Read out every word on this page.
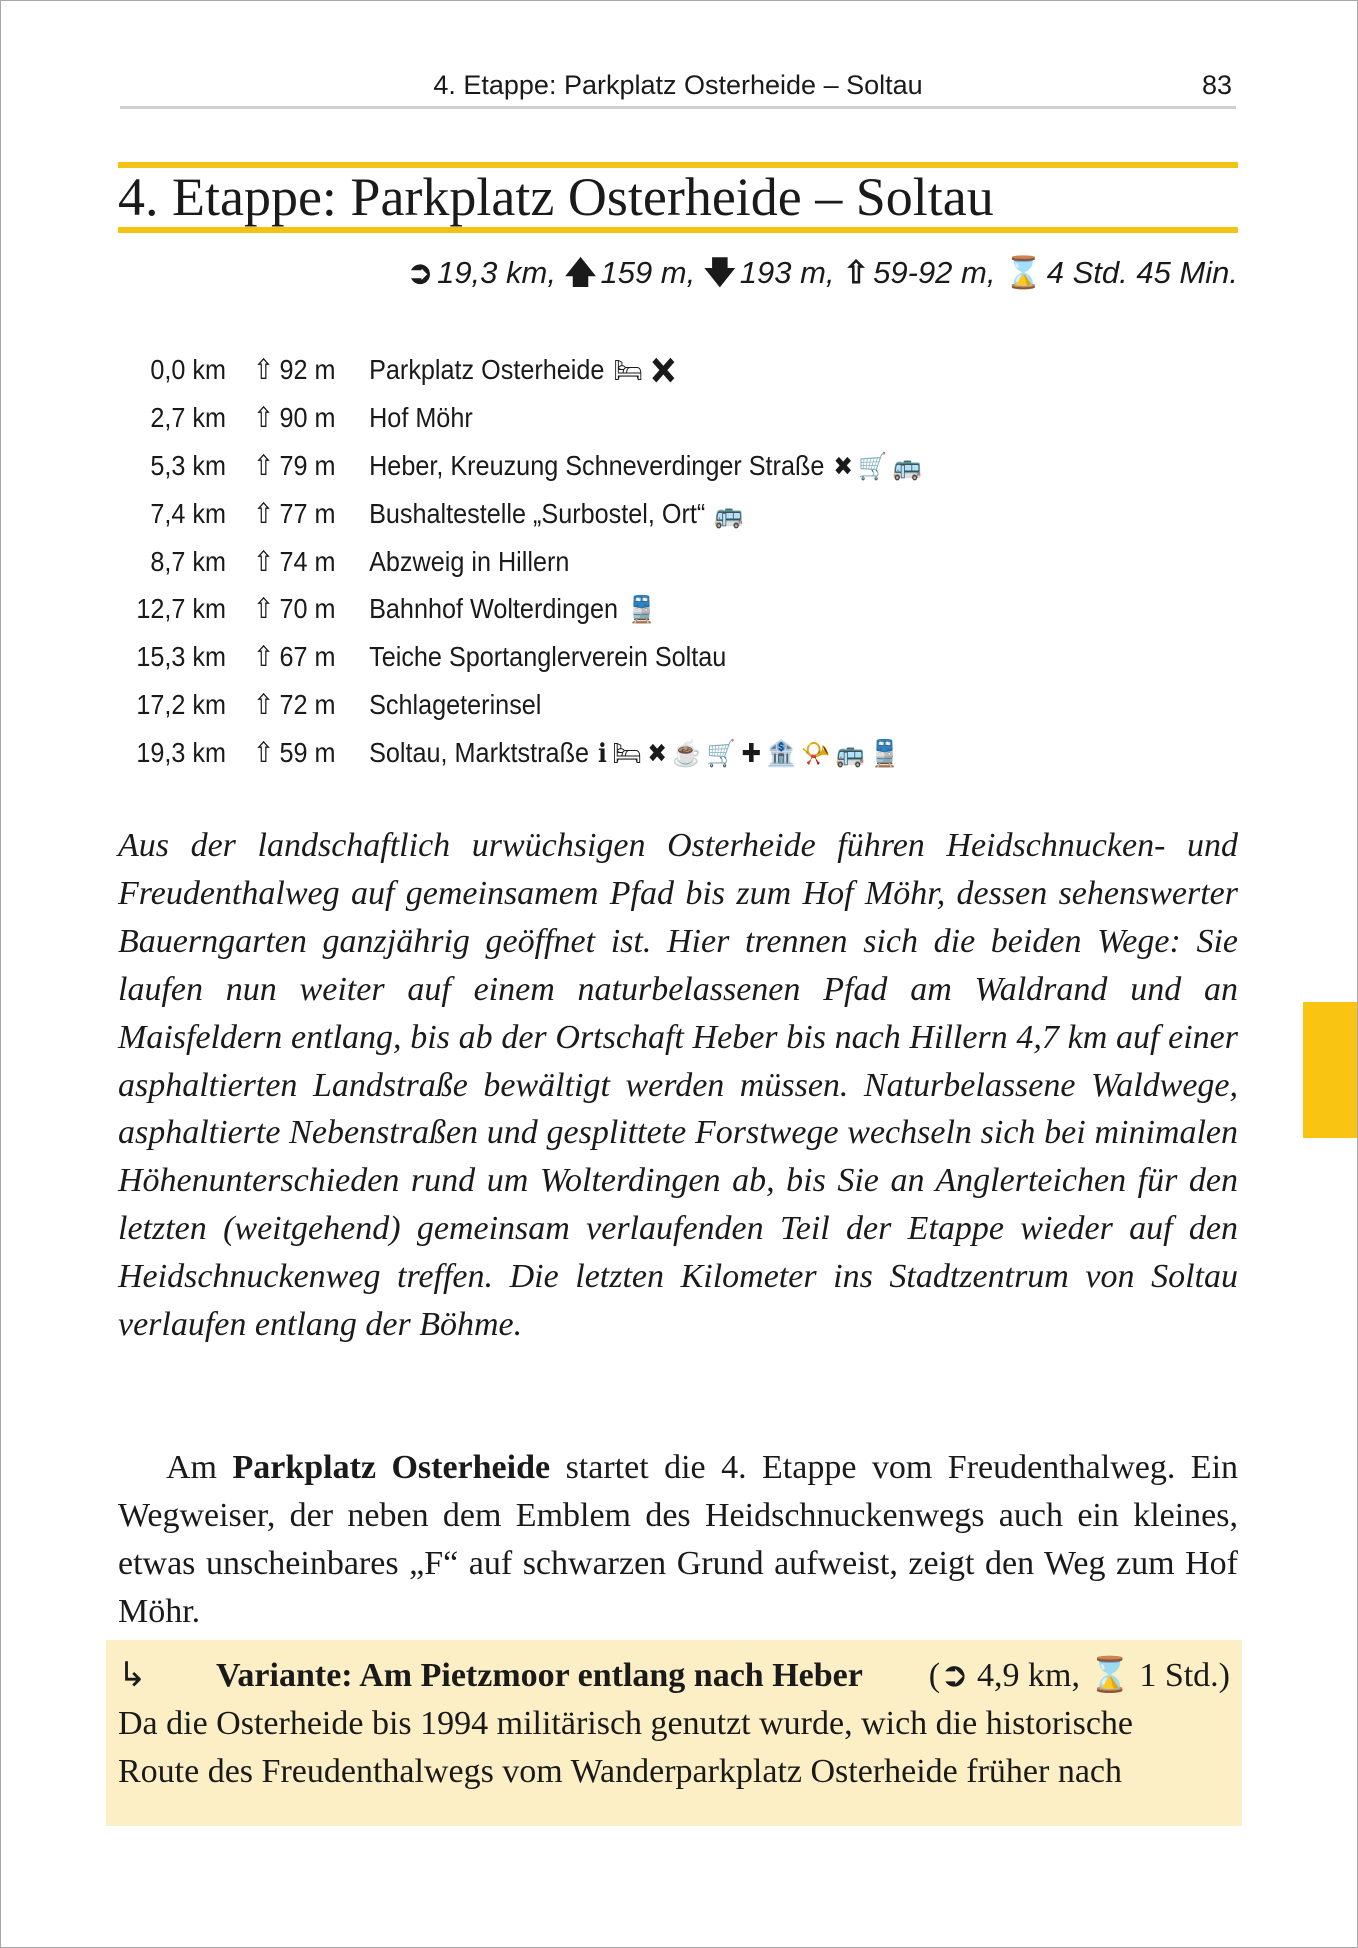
4. Etappe: Parkplatz Osterheide – Soltau	83
4. Etappe: Parkplatz Osterheide – Soltau
➲ 19,3 km, 🡅 159 m, 🡇 193 m, ⇧ 59-92 m, ⌛ 4 Std. 45 Min.
0,0 km ⇧ 92 m Parkplatz Osterheide 🛏✖
2,7 km ⇧ 90 m Hof Möhr
5,3 km ⇧ 79 m Heber, Kreuzung Schneverdinger Straße ✖🛒🚌
7,4 km ⇧ 77 m Bushaltestelle „Surbostel, Ort“ 🚌
8,7 km ⇧ 74 m Abzweig in Hillern
12,7 km ⇧ 70 m Bahnhof Wolterdingen 🚆
15,3 km ⇧ 67 m Teiche Sportanglerverein Soltau
17,2 km ⇧ 72 m Schlageterinsel
19,3 km ⇧ 59 m Soltau, Marktstraße ℹ🛏✖☕🛒✚🏦📯🚌🚆

Aus der landschaftlich urwüchsigen Osterheide führen Heidschnucken- und Freudenthalweg auf gemeinsamem Pfad bis zum Hof Möhr, dessen sehenswerter Bauerngarten ganzjährig geöffnet ist. Hier trennen sich die beiden Wege: Sie laufen nun weiter auf einem naturbelassenen Pfad am Waldrand und an Maisfeldern entlang, bis ab der Ortschaft Heber bis nach Hillern 4,7 km auf einer asphaltierten Landstraße bewältigt werden müssen. Naturbelassene Waldwege, asphaltierte Nebenstraßen und gesplittete Forstwege wechseln sich bei minimalen Höhenunterschieden rund um Wolterdingen ab, bis Sie an Anglerteichen für den letzten (weitgehend) gemeinsam verlaufenden Teil der Etappe wieder auf den Heidschnuckenweg treffen. Die letzten Kilometer ins Stadtzentrum von Soltau verlaufen entlang der Böhme.

Am Parkplatz Osterheide startet die 4. Etappe vom Freudenthalweg. Ein Wegweiser, der neben dem Emblem des Heidschnuckenwegs auch ein kleines, etwas unscheinbares „F“ auf schwarzen Grund aufweist, zeigt den Weg zum Hof Möhr.

↳ Variante: Am Pietzmoor entlang nach Heber (➲ 4,9 km, ⌛ 1 Std.)
Da die Osterheide bis 1994 militärisch genutzt wurde, wich die historische
Route des Freudenthalwegs vom Wanderparkplatz Osterheide früher nach
